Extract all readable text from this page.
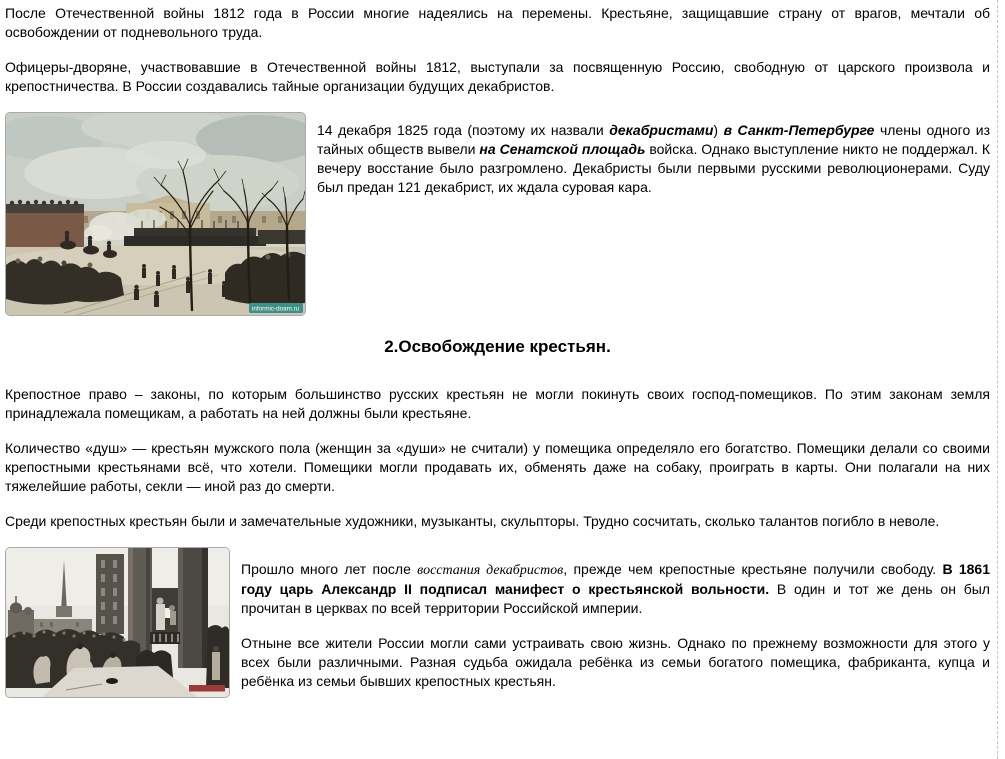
После Отечественной войны 1812 года в России многие надеялись на перемены. Крестьяне, защищавшие страну от врагов, мечтали об освобождении от подневольного труда.

Офицеры-дворяне, участвовавшие в Отечественной войны 1812, выступали за посвященную Россию, свободную от царского произвола и крепостничества. В России создавались тайные организации будущих декабристов.

informic-doam.ru

14 декабря 1825 года (поэтому их назвали декабристами) в Санкт-Петербурге члены одного из тайных обществ вывели на Сенатской площадь войска. Однако выступление никто не поддержал. К вечеру восстание было разгромлено. Декабристы были первыми русскими революционерами. Суду был предан 121 декабрист, их ждала суровая кара.

2.Освобождение крестьян.

Крепостное право – законы, по которым большинство русских крестьян не могли покинуть своих господ-помещиков. По этим законам земля принадлежала помещикам, а работать на ней должны были крестьяне.

Количество «душ» — крестьян мужского пола (женщин за «души» не считали) у помещика определяло его богатство. Помещики делали со своими крепостными крестьянами всё, что хотели. Помещики могли продавать их, обменять даже на собаку, проиграть в карты. Они полагали на них тяжелейшие работы, секли — иной раз до смерти.

Среди крепостных крестьян были и замечательные художники, музыканты, скульпторы. Трудно сосчитать, сколько талантов погибло в неволе.

Прошло много лет после восстания декабристов, прежде чем крепостные крестьяне получили свободу. В 1861 году царь Александр II подписал манифест о крестьянской вольности. В один и тот же день он был прочитан в церквах по всей территории Российской империи.

Отныне все жители России могли сами устраивать свою жизнь. Однако по прежнему возможности для этого у всех были различными. Разная судьба ожидала ребёнка из семьи богатого помещика, фабриканта, купца и ребёнка из семьи бывших крепостных крестьян.
